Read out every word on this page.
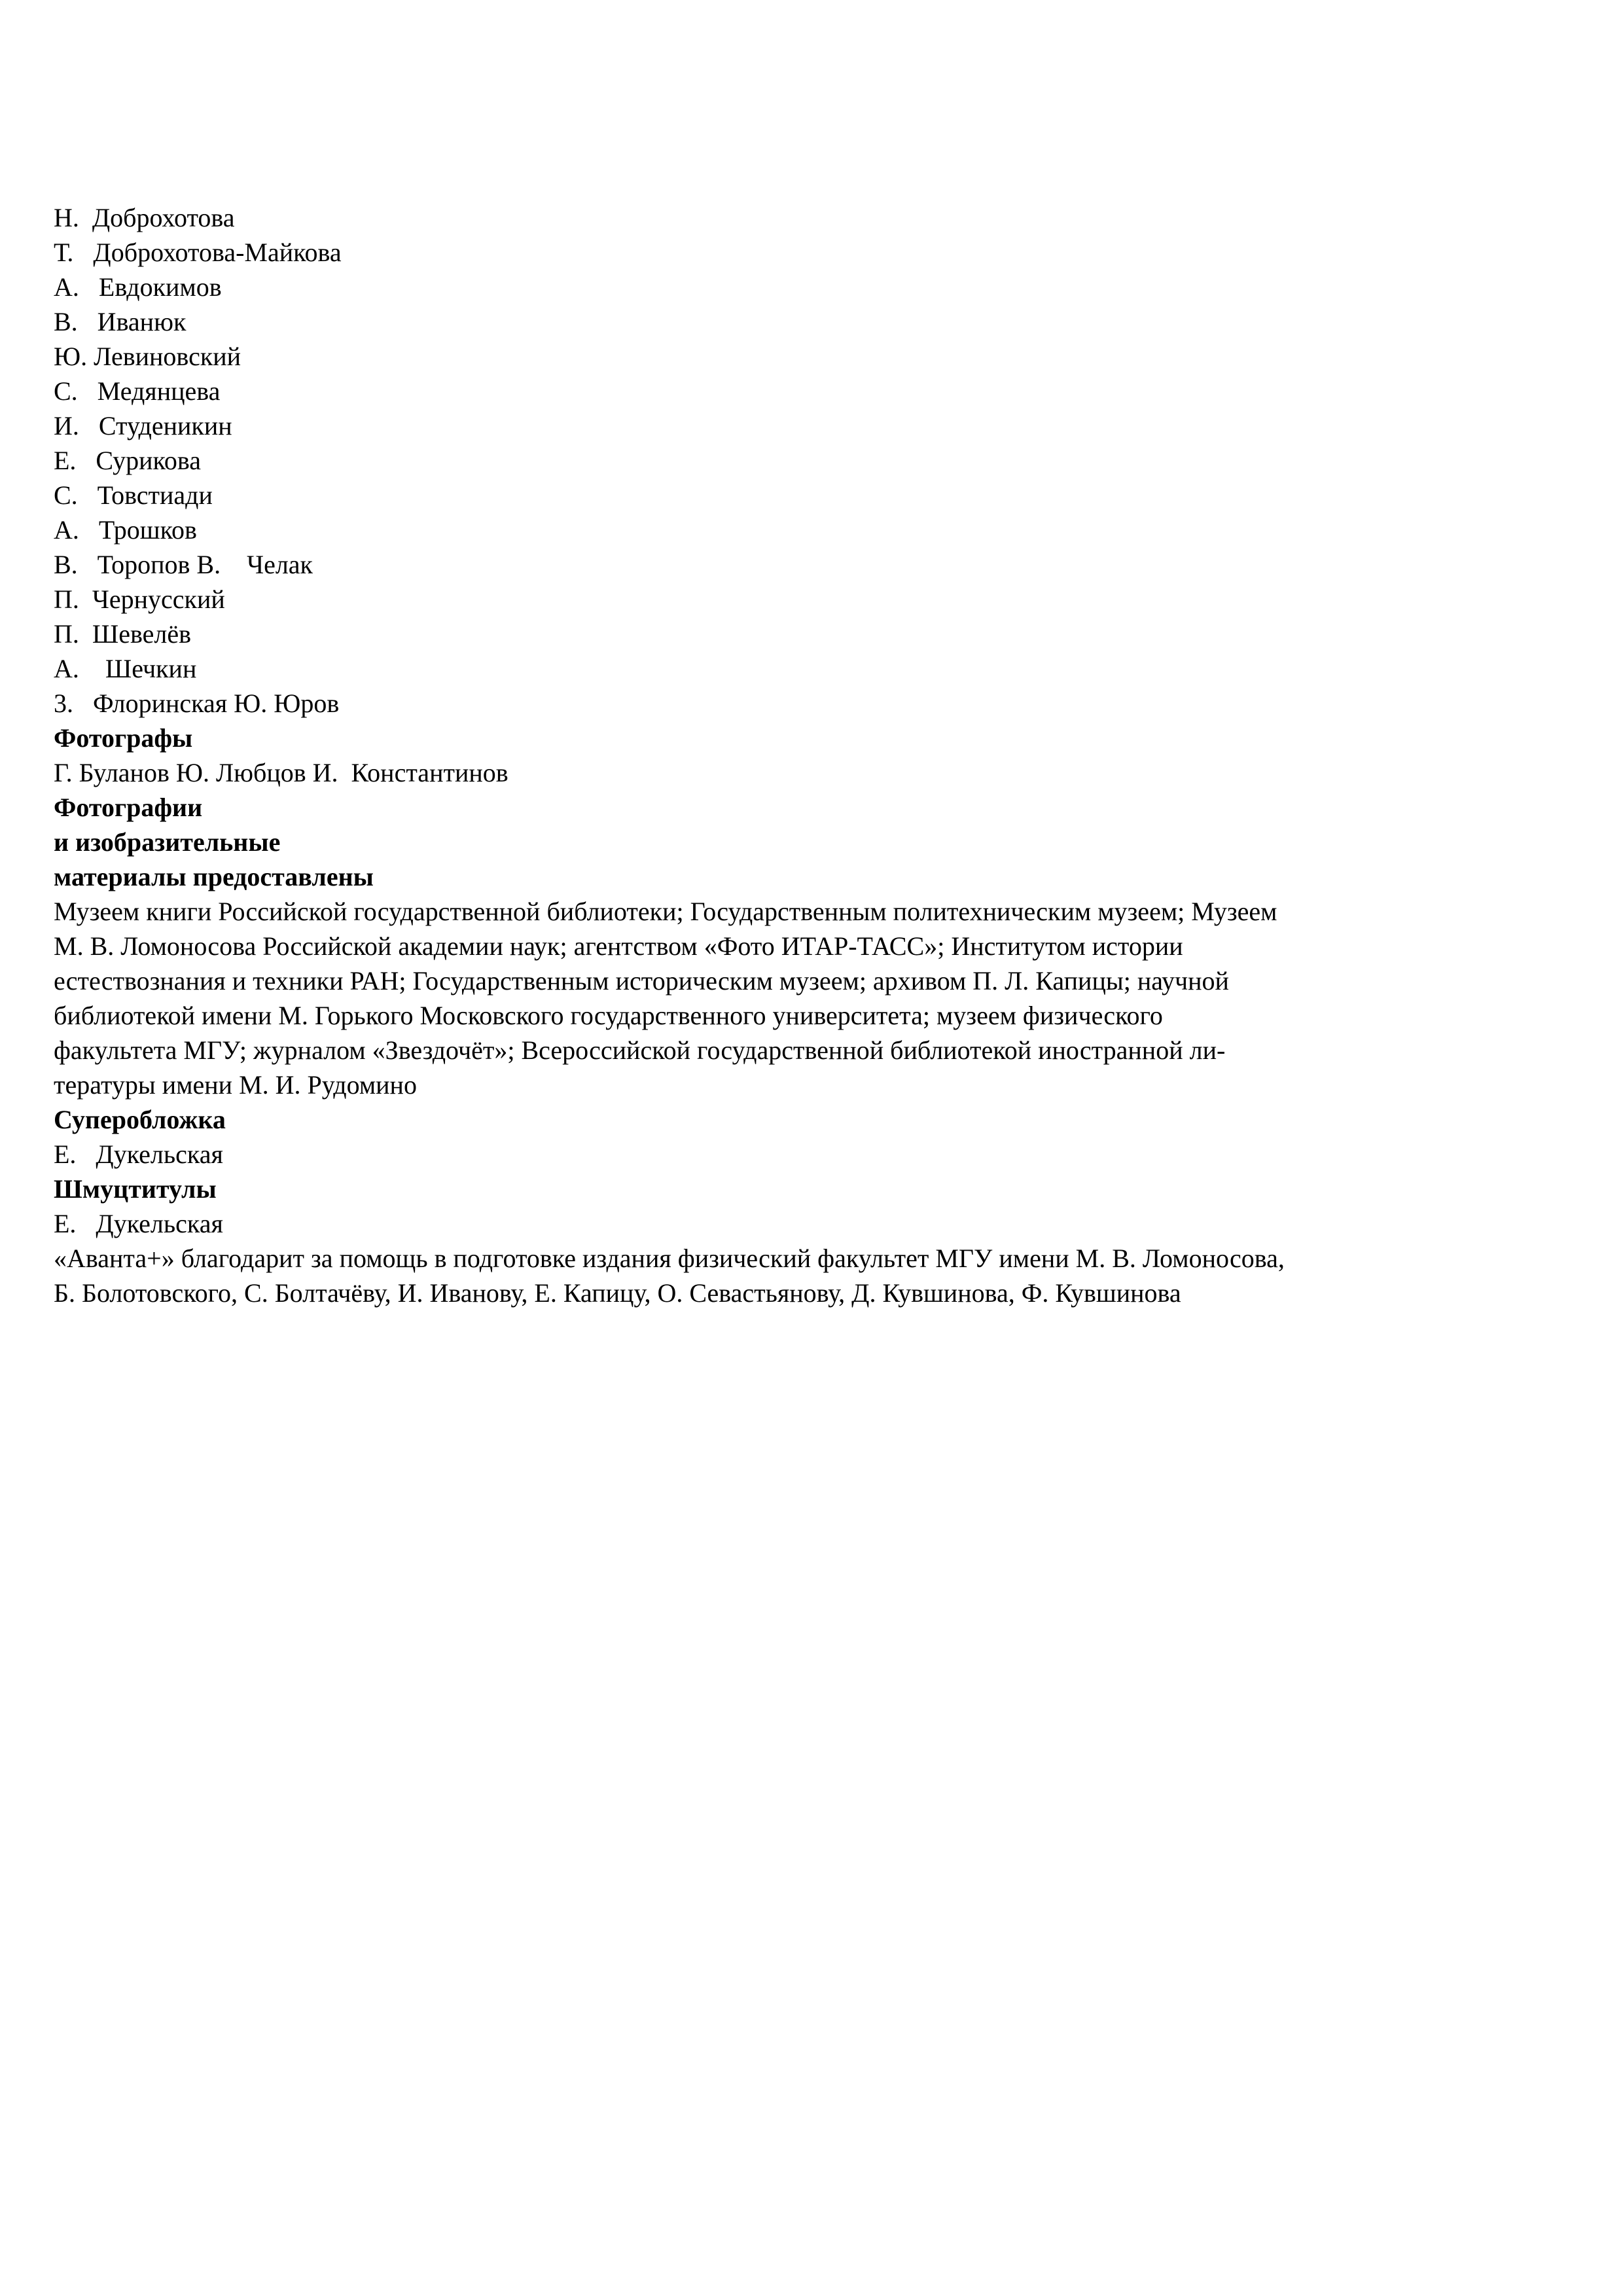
Н.  Доброхотова
Т.   Доброхотова-Майкова
А.   Евдокимов
В.   Иванюк
Ю. Левиновский
С.   Медянцева
И.   Студеникин
Е.   Сурикова
С.   Товстиади
А.   Трошков
В.   Торопов В.    Челак
П.  Чернусский
П.  Шевелёв
А.    Шечкин
3.   Флоринская Ю. Юров
Фотографы
Г. Буланов Ю. Любцов И.  Константинов
Фотографии
и изобразительные
материалы предоставлены
Музеем книги Российской государственной библиотеки; Государственным политехническим музеем; Музеем
М. В. Ломоносова Российской академии наук; агентством «Фото ИТАР-ТАСС»; Институтом истории
естествознания и техники РАН; Государственным историческим музеем; архивом П. Л. Капицы; научной
библиотекой имени М. Горького Московского государственного университета; музеем физического
факультета МГУ; журналом «Звездочёт»; Всероссийской государственной библиотекой иностранной ли-
тературы имени М. И. Рудомино
Суперобложка
Е.   Дукельская
Шмуцтитулы
Е.   Дукельская
«Аванта+» благодарит за помощь в подготовке издания физический факультет МГУ имени М. В. Ломоносова,
Б. Болотовского, С. Болтачёву, И. Иванову, Е. Капицу, О. Севастьянову, Д. Кувшинова, Ф. Кувшинова
